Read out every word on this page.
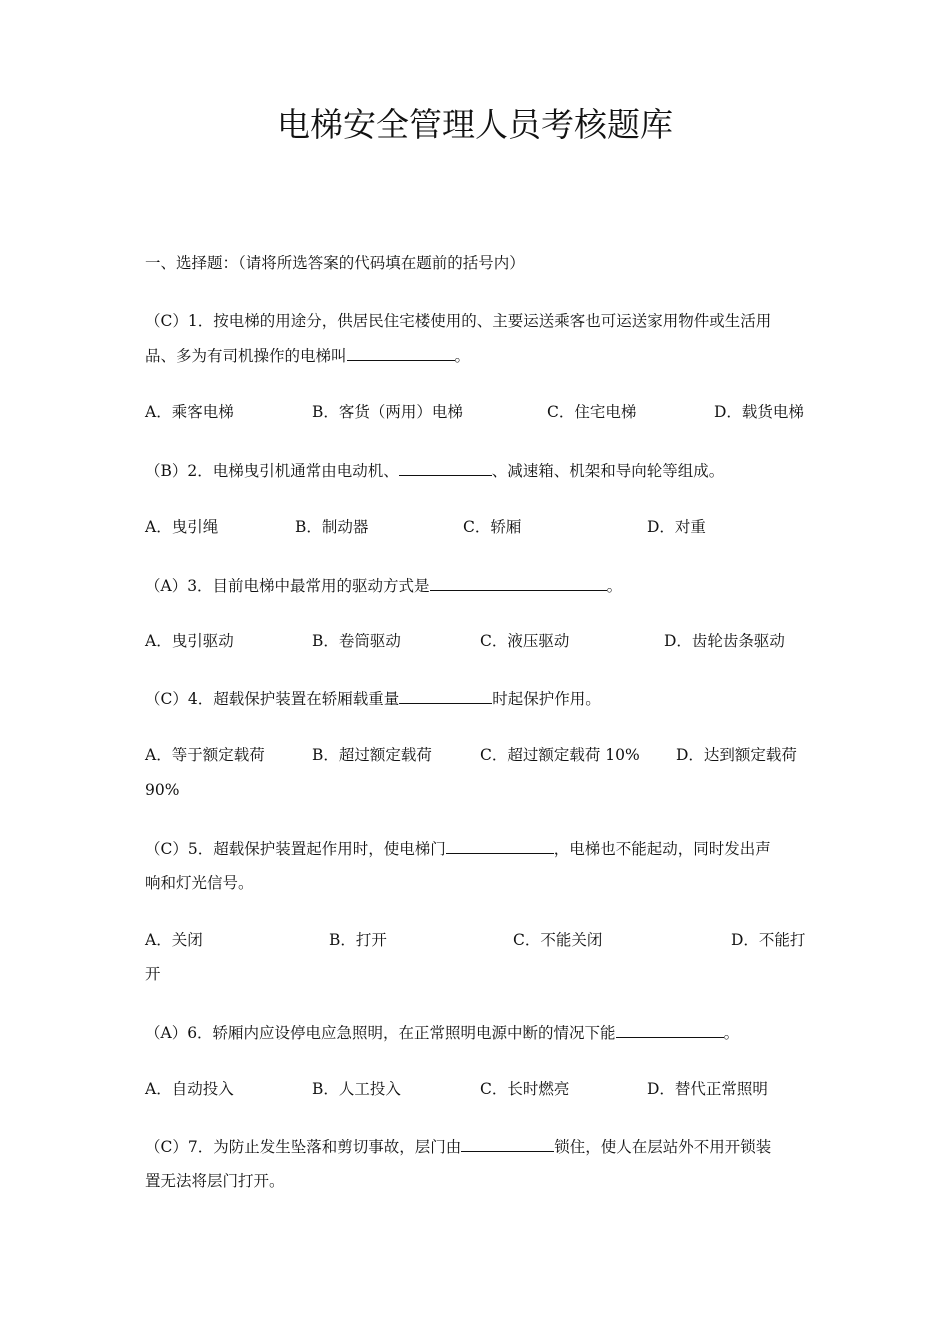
电梯安全管理人员考核题库
一、选择题：（请将所选答案的代码填在题前的括号内）
（C）1．按电梯的用途分，供居民住宅楼使用的、主要运送乘客也可运送家用物件或生活用
品、多为有司机操作的电梯叫	。
A．乘客电梯	B．客货（两用）电梯	C．住宅电梯	D．载货电梯
（B）2．电梯曳引机通常由电动机、	、减速箱、机架和导向轮等组成。
A．曳引绳	B．制动器	C．轿厢	D．对重
（A）3．目前电梯中最常用的驱动方式是	。
A．曳引驱动	B．卷筒驱动	C．液压驱动	D．齿轮齿条驱动
（C）4．超载保护装置在轿厢载重量	时起保护作用。
A．等于额定载荷	B．超过额定载荷	C．超过额定载荷 10% D．达到额定载荷
90%
（C）5．超载保护装置起作用时，使电梯门	，电梯也不能起动，同时发出声
响和灯光信号。
A．关闭	B．打开	C．不能关闭	D．不能打
开
（A）6．轿厢内应设停电应急照明，在正常照明电源中断的情况下能	。
A．自动投入	B．人工投入	C．长时燃亮	D．替代正常照明
（C）7．为防止发生坠落和剪切事故，层门由	锁住，使人在层站外不用开锁装
置无法将层门打开。
